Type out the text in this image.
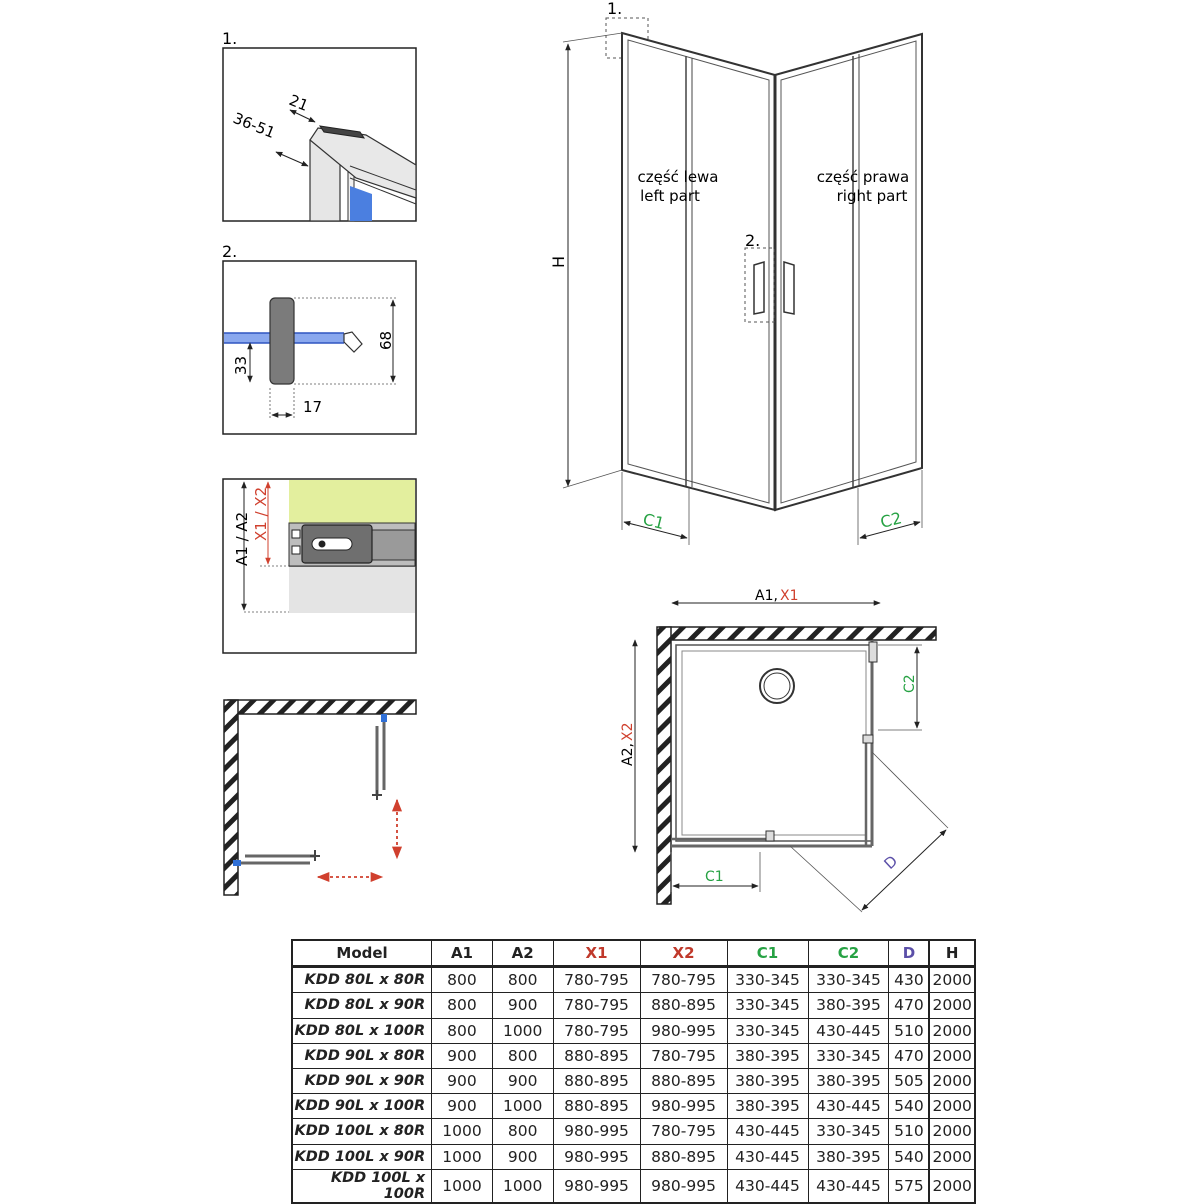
1.
36-51
21
2.
68
33
17
A1 / A2 X1 / X2
1.
2.
część lewa
left part
część prawa
right part
H
C1	C2
A1, X1
A2,
X2
C2
C1
D
Model	A1	A2	X1	X2	C1	C2	D	H
KDD 80L x 80R	800	800	780-795	780-795	330-345	330-345	430	2000
KDD 80L x 90R	800	900	780-795	880-895	330-345	380-395	470	2000
KDD 80L x 100R	800	1000	780-795	980-995	330-345	430-445	510	2000
KDD 90L x 80R	900	800	880-895	780-795	380-395	330-345	470	2000
KDD 90L x 90R	900	900	880-895	880-895	380-395	380-395	505	2000
KDD 90L x 100R	900	1000	880-895	980-995	380-395	430-445	540	2000
KDD 100L x 80R	1000	800	980-995	780-795	430-445	330-345	510	2000
KDD 100L x 90R	1000	900	980-995	880-895	430-445	380-395	540	2000
KDD 100L x 100R	1000	1000	980-995	980-995	430-445	430-445	575	2000
